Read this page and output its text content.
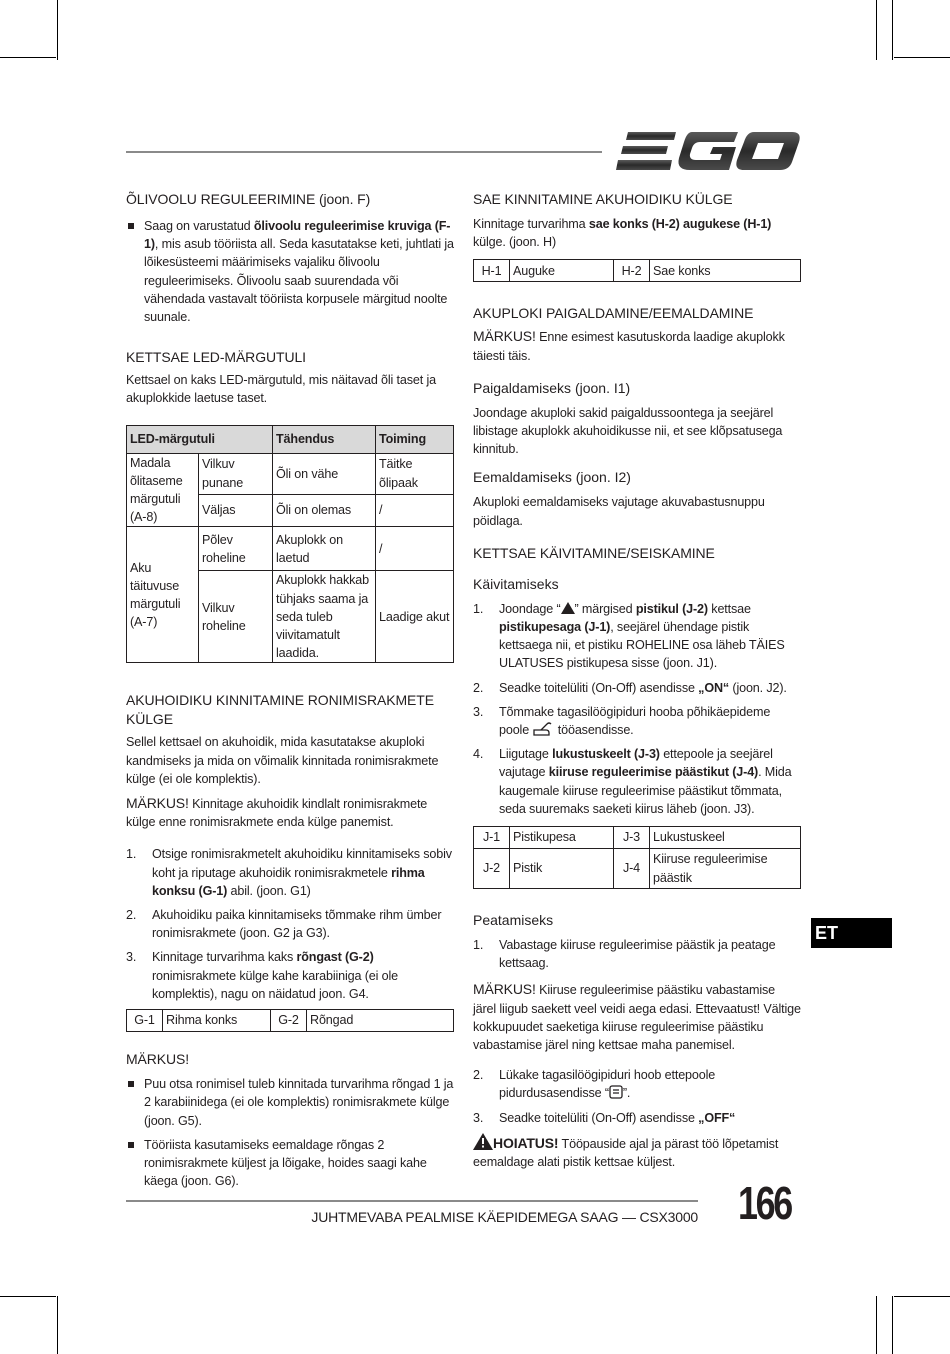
ÕLIVOOLU REGULEERIMINE (joon. F)
Saag on varustatud õlivoolu reguleerimise kruviga (F-1), mis asub tööriista all. Seda kasutatakse keti, juhtlati ja lõikesüsteemi määrimiseks vajaliku õlivoolu reguleerimiseks. Õlivoolu saab suurendada või vähendada vastavalt tööriista korpusele märgitud noolte suunale.
KETTSAE LED-MÄRGUTULI

Kettsael on kaks LED-märgutuld, mis näitavad õli taset ja akuplokkide laetuse taset.

LED-märgutuli		Tähendus	Toiming
Madala õlitaseme märgutuli (A-8)	Vilkuv punane	Õli on vähe	Täitke õlipaak
	Väljas	Õli on olemas	/
Aku täituvuse märgutuli (A-7)	Põlev roheline	Akuplokk on laetud	/
	Vilkuv roheline	Akuplokk hakkab tühjaks saama ja seda tuleb viivitamatult laadida.	Laadige akut
AKUHOIDIKU KINNITAMINE RONIMISRAKMETE KÜLGE

Sellel kettsael on akuhoidik, mida kasutatakse akuploki kandmiseks ja mida on võimalik kinnitada ronimisrakmete külge (ei ole komplektis).

MÄRKUS! Kinnitage akuhoidik kindlalt ronimisrakmete külge enne ronimisrakmete enda külge panemist.

1. Otsige ronimisrakmetelt akuhoidiku kinnitamiseks sobiv koht ja riputage akuhoidik ronimisrakmetele rihma konksu (G-1) abil. (joon. G1)
2. Akuhoidiku paika kinnitamiseks tõmmake rihm ümber ronimisrakmete (joon. G2 ja G3).
3. Kinnitage turvarihma kaks rõngast (G-2) ronimisrakmete külge kahe karabiiniga (ei ole komplektis), nagu on näidatud joon. G4.
G-1	Rihma konks	G-2	Rõngad
MÄRKUS!
Puu otsa ronimisel tuleb kinnitada turvarihma rõngad 1 ja 2 karabiinidega (ei ole komplektis) ronimisrakmete külge (joon. G5).
Tööriista kasutamiseks eemaldage rõngas 2 ronimisrakmete küljest ja lõigake, hoides saagi kahe käega (joon. G6).
SAE KINNITAMINE AKUHOIDIKU KÜLGE

Kinnitage turvarihma sae konks (H-2) augukese (H-1) külge. (joon. H)

H-1	Auguke	H-2	Sae konks
AKUPLOKI PAIGALDAMINE/EEMALDAMINE

MÄRKUS! Enne esimest kasutuskorda laadige akuplokk täiesti täis.

Paigaldamiseks (joon. I1)

Joondage akuploki sakid paigaldussoontega ja seejärel libistage akuplokk akuhoidikusse nii, et see klõpsatusega kinnitub.

Eemaldamiseks (joon. I2)

Akuploki eemaldamiseks vajutage akuvabastusnuppu pöidlaga.

KETTSAE KÄIVITAMINE/SEISKAMINE
Käivitamiseks
1. Joondage “ ” märgised pistikul (J-2) kettsae pistikupesaga (J-1), seejärel ühendage pistik kettsaega nii, et pistiku ROHELINE osa läheb TÄIES ULATUSES pistikupesa sisse (joon. J1).
2. Seadke toitelüliti (On-Off) asendisse „ON“ (joon. J2).
3. Tõmmake tagasilöögipiduri hooba põhikäepideme poole  tööasendisse.
4. Liigutage lukustuskeelt (J-3) ettepoole ja seejärel vajutage kiiruse reguleerimise päästikut (J-4). Mida kaugemale kiiruse reguleerimise päästikut tõmmata, seda suuremaks saeketi kiirus läheb (joon. J3).
J-1	Pistikupesa	J-3	Lukustuskeel
J-2	Pistik	J-4	Kiiruse reguleerimise päästik
Peatamiseks
1. Vabastage kiiruse reguleerimise päästik ja peatage kettsaag.

MÄRKUS! Kiiruse reguleerimise päästiku vabastamise järel liigub saekett veel veidi aega edasi. Ettevaatust! Vältige kokkupuudet saeketiga kiiruse reguleerimise päästiku vabastamise järel ning kettsae maha panemisel.

2. Lükake tagasilöögipiduri hoob ettepoole pidurdusasendisse “ ”.
3. Seadke toitelüliti (On-Off) asendisse „OFF“

HOIATUS! Tööpauside ajal ja pärast töö lõpetamist eemaldage alati pistik kettsae küljest.

ET
JUHTMEVABA PEALMISE KÄEPIDEMEGA SAAG — CSX3000 166
